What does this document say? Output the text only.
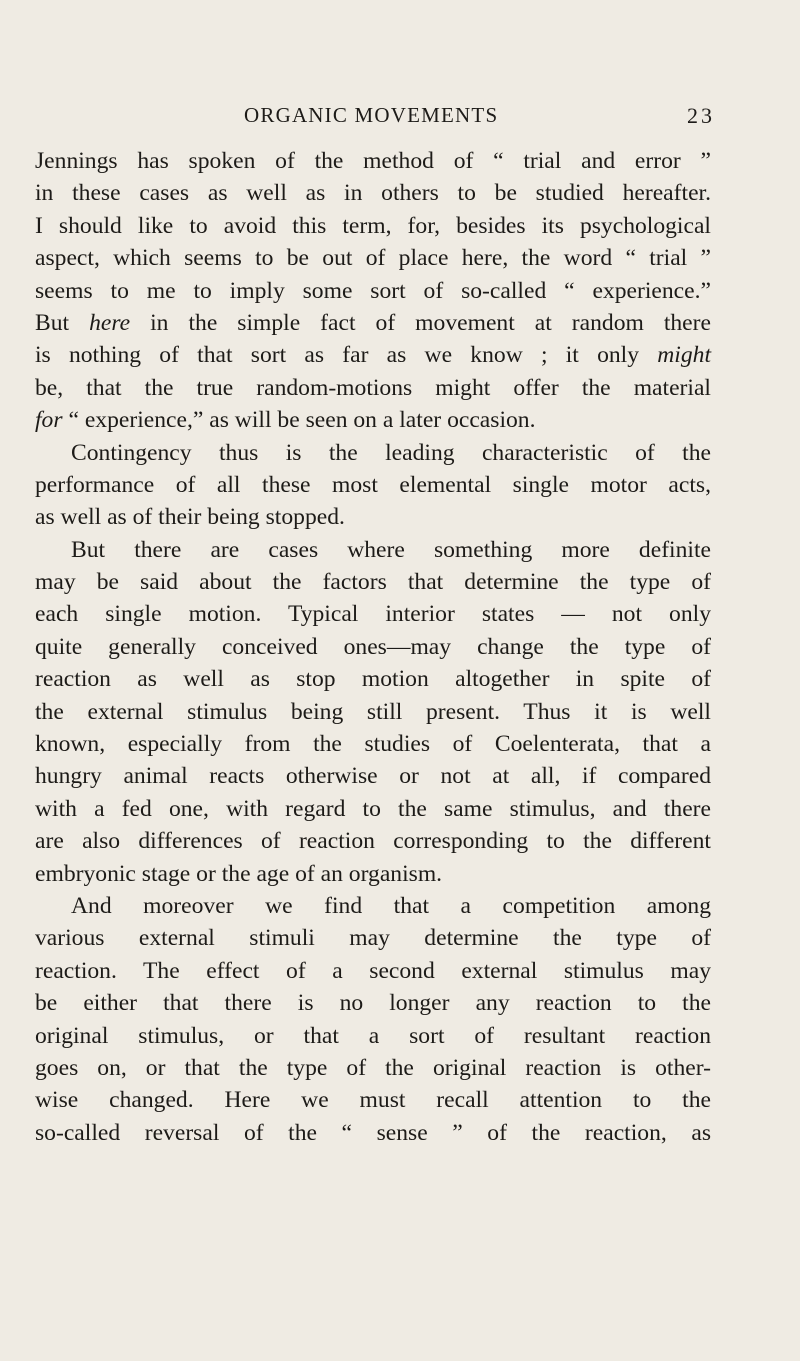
ORGANIC MOVEMENTS	23
Jennings has spoken of the method of “ trial and error ”
in these cases as well as in others to be studied hereafter.
I should like to avoid this term, for, besides its psychological
aspect, which seems to be out of place here, the word “ trial ”
seems to me to imply some sort of so-called “ experience.”
But here in the simple fact of movement at random there
is nothing of that sort as far as we know ; it only might
be, that the true random-motions might offer the material
for “ experience,” as will be seen on a later occasion.
Contingency thus is the leading characteristic of the
performance of all these most elemental single motor acts,
as well as of their being stopped.
But there are cases where something more definite
may be said about the factors that determine the type of
each single motion. Typical interior states — not only
quite generally conceived ones—may change the type of
reaction as well as stop motion altogether in spite of
the external stimulus being still present. Thus it is well
known, especially from the studies of Coelenterata, that a
hungry animal reacts otherwise or not at all, if compared
with a fed one, with regard to the same stimulus, and there
are also differences of reaction corresponding to the different
embryonic stage or the age of an organism.
And moreover we find that a competition among
various external stimuli may determine the type of
reaction. The effect of a second external stimulus may
be either that there is no longer any reaction to the
original stimulus, or that a sort of resultant reaction
goes on, or that the type of the original reaction is other-
wise changed. Here we must recall attention to the
so-called reversal of the “ sense ” of the reaction, as
